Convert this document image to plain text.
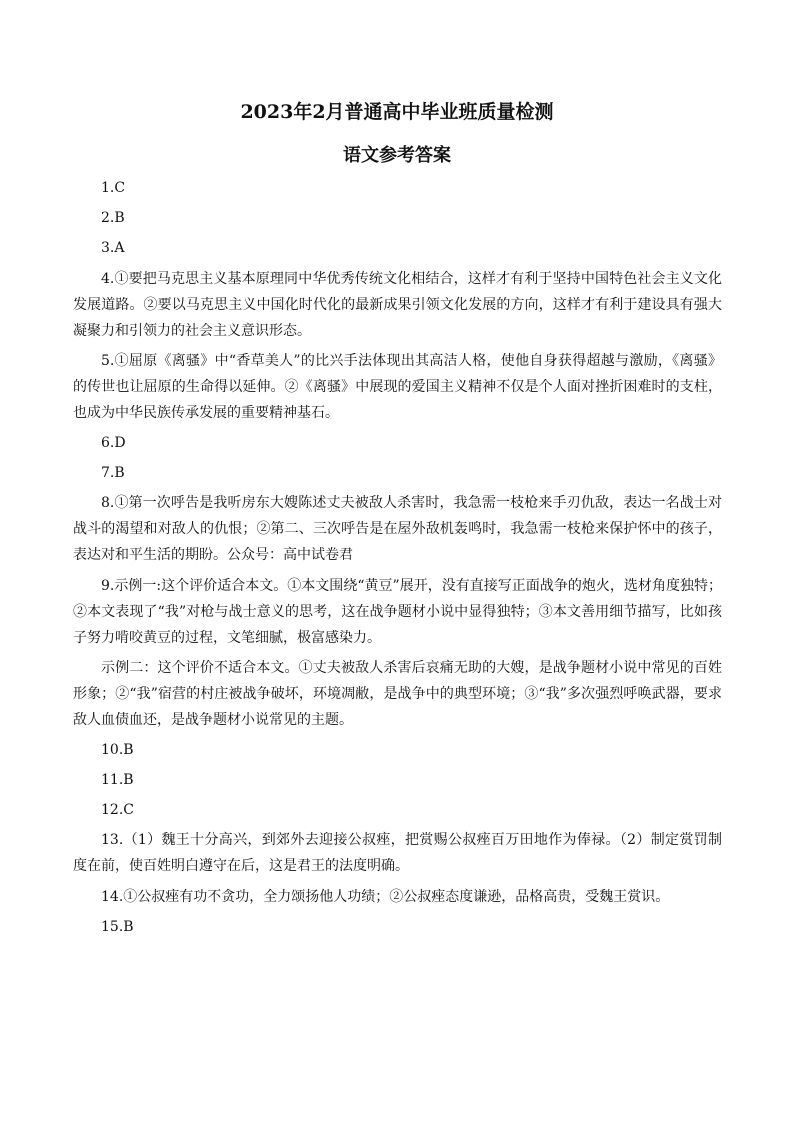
2023年2月普通高中毕业班质量检测
语文参考答案

1.C

2.B

3.A

4.①要把马克思主义基本原理同中华优秀传统文化相结合，这样才有利于坚持中国特色社会主义文化发展道路。②要以马克思主义中国化时代化的最新成果引领文化发展的方向，这样才有利于建设具有强大凝聚力和引领力的社会主义意识形态。

5.①屈原《离骚》中“香草美人”的比兴手法体现出其高洁人格，使他自身获得超越与激励，《离骚》的传世也让屈原的生命得以延伸。②《离骚》中展现的爱国主义精神不仅是个人面对挫折困难时的支柱，也成为中华民族传承发展的重要精神基石。

6.D

7.B

8.①第一次呼告是我听房东大嫂陈述丈夫被敌人杀害时，我急需一枝枪来手刃仇敌，表达一名战士对战斗的渴望和对敌人的仇恨；②第二、三次呼告是在屋外敌机轰鸣时，我急需一枝枪来保护怀中的孩子，表达对和平生活的期盼。公众号：高中试卷君

9.示例一:这个评价适合本文。①本文围绕“黄豆”展开，没有直接写正面战争的炮火，选材角度独特；②本文表现了“我”对枪与战士意义的思考，这在战争题材小说中显得独特；③本文善用细节描写，比如孩子努力啃咬黄豆的过程，文笔细腻，极富感染力。

示例二：这个评价不适合本文。①丈夫被敌人杀害后哀痛无助的大嫂，是战争题材小说中常见的百姓形象；②“我”宿营的村庄被战争破坏，环境凋敝，是战争中的典型环境；③“我”多次强烈呼唤武器，要求敌人血债血还，是战争题材小说常见的主题。

10.B

11.B

12.C

13.（1）魏王十分高兴，到郊外去迎接公叔痤，把赏赐公叔痤百万田地作为俸禄。（2）制定赏罚制度在前，使百姓明白遵守在后，这是君王的法度明确。

14.①公叔痤有功不贪功，全力颂扬他人功绩；②公叔痤态度谦逊，品格高贵，受魏王赏识。

15.B
